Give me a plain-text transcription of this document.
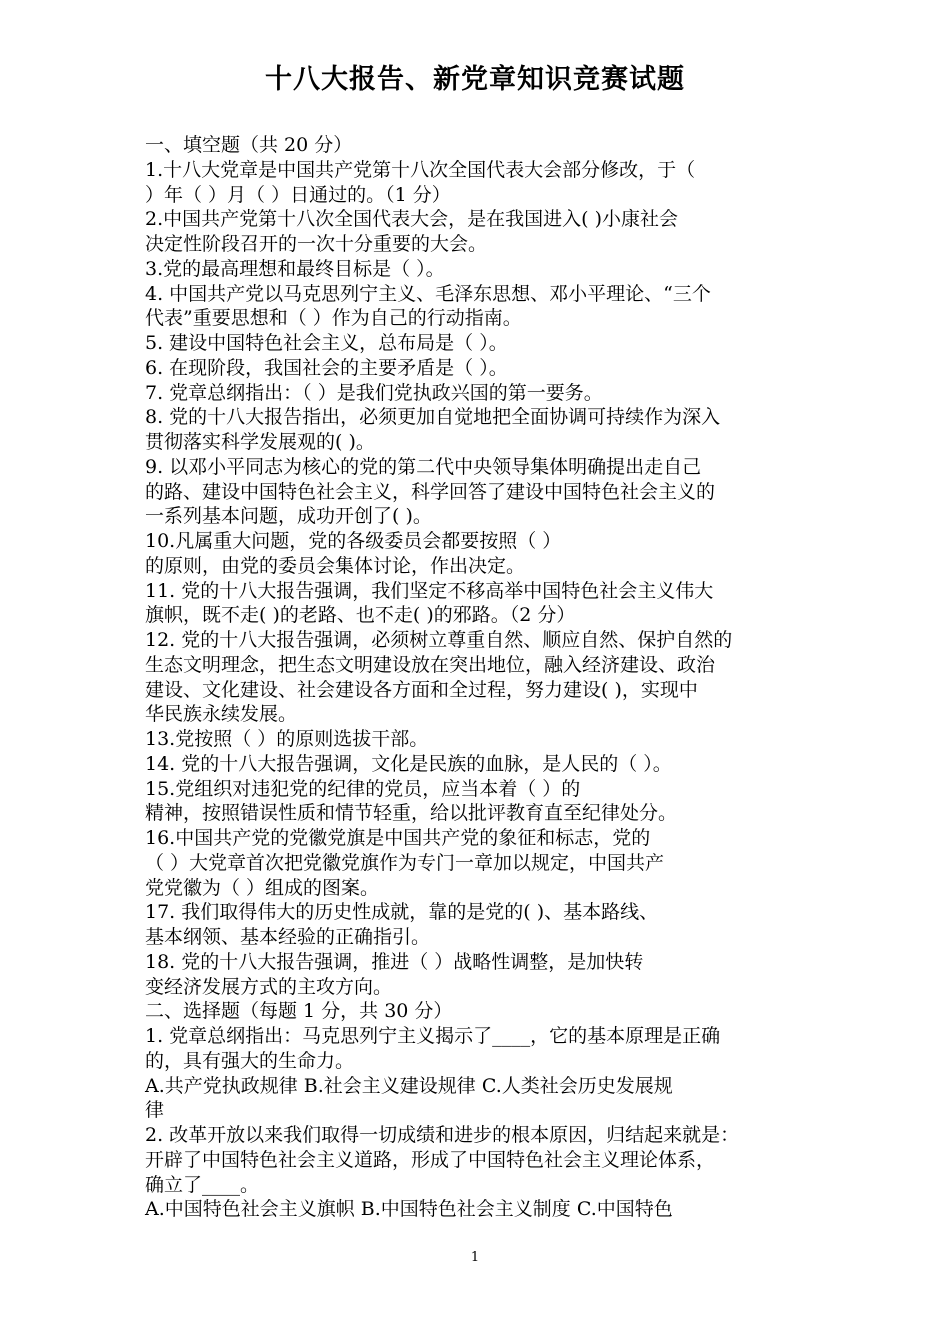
十八大报告、新党章知识竞赛试题
一、填空题（共 20 分）
1.十八大党章是中国共产党第十八次全国代表大会部分修改，于（
）年（ ）月（ ）日通过的。（1 分）
2.中国共产党第十八次全国代表大会，是在我国进入( )小康社会
决定性阶段召开的一次十分重要的大会。
3.党的最高理想和最终目标是（ ）。
4. 中国共产党以马克思列宁主义、毛泽东思想、邓小平理论、“三个
代表”重要思想和（ ）作为自己的行动指南。
5. 建设中国特色社会主义，总布局是（ ）。
6. 在现阶段，我国社会的主要矛盾是（ ）。
7. 党章总纲指出：（ ）是我们党执政兴国的第一要务。
8. 党的十八大报告指出，必须更加自觉地把全面协调可持续作为深入
贯彻落实科学发展观的( )。
9. 以邓小平同志为核心的党的第二代中央领导集体明确提出走自己
的路、建设中国特色社会主义，科学回答了建设中国特色社会主义的
一系列基本问题，成功开创了( )。
10.凡属重大问题，党的各级委员会都要按照（ ）
的原则，由党的委员会集体讨论，作出决定。
11. 党的十八大报告强调，我们坚定不移高举中国特色社会主义伟大
旗帜，既不走( )的老路、也不走( )的邪路。（2 分）
12. 党的十八大报告强调，必须树立尊重自然、顺应自然、保护自然的
生态文明理念，把生态文明建设放在突出地位，融入经济建设、政治
建设、文化建设、社会建设各方面和全过程，努力建设( )，实现中
华民族永续发展。
13.党按照（ ）的原则选拔干部。
14. 党的十八大报告强调，文化是民族的血脉，是人民的（ ）。
15.党组织对违犯党的纪律的党员，应当本着（ ）的
精神，按照错误性质和情节轻重，给以批评教育直至纪律处分。
16.中国共产党的党徽党旗是中国共产党的象征和标志，党的
（ ）大党章首次把党徽党旗作为专门一章加以规定，中国共产
党党徽为（ ）组成的图案。
17. 我们取得伟大的历史性成就，靠的是党的( )、基本路线、
基本纲领、基本经验的正确指引。
18. 党的十八大报告强调，推进（ ）战略性调整，是加快转
变经济发展方式的主攻方向。
二、选择题（每题 1 分，共 30 分）
1. 党章总纲指出：马克思列宁主义揭示了____，它的基本原理是正确
的，具有强大的生命力。
A.共产党执政规律 B.社会主义建设规律 C.人类社会历史发展规
律
2. 改革开放以来我们取得一切成绩和进步的根本原因，归结起来就是：
开辟了中国特色社会主义道路，形成了中国特色社会主义理论体系，
确立了____。
A.中国特色社会主义旗帜 B.中国特色社会主义制度 C.中国特色
1
